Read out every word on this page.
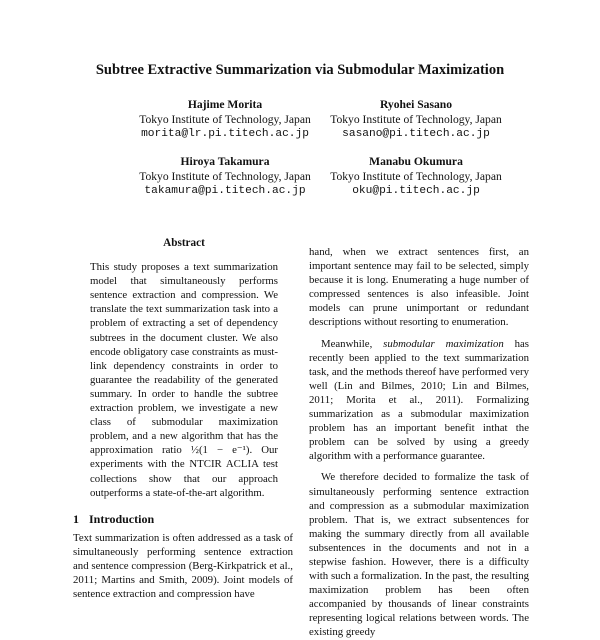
Subtree Extractive Summarization via Submodular Maximization
Hajime Morita
Tokyo Institute of Technology, Japan
morita@lr.pi.titech.ac.jp
Ryohei Sasano
Tokyo Institute of Technology, Japan
sasano@pi.titech.ac.jp
Hiroya Takamura
Tokyo Institute of Technology, Japan
takamura@pi.titech.ac.jp
Manabu Okumura
Tokyo Institute of Technology, Japan
oku@pi.titech.ac.jp
Abstract

This study proposes a text summarization model that simultaneously performs sentence extraction and compression. We translate the text summarization task into a problem of extracting a set of dependency subtrees in the document cluster. We also encode obligatory case constraints as must-link dependency constraints in order to guarantee the readability of the generated summary. In order to handle the subtree extraction problem, we investigate a new class of submodular maximization problem, and a new algorithm that has the approximation ratio ½(1 − e⁻¹). Our experiments with the NTCIR ACLIA test collections show that our approach outperforms a state-of-the-art algorithm.

1 Introduction

Text summarization is often addressed as a task of simultaneously performing sentence extraction and sentence compression (Berg-Kirkpatrick et al., 2011; Martins and Smith, 2009). Joint models of sentence extraction and compression have

hand, when we extract sentences first, an important sentence may fail to be selected, simply because it is long. Enumerating a huge number of compressed sentences is also infeasible. Joint models can prune unimportant or redundant descriptions without resorting to enumeration.

Meanwhile, submodular maximization has recently been applied to the text summarization task, and the methods thereof have performed very well (Lin and Bilmes, 2010; Lin and Bilmes, 2011; Morita et al., 2011). Formalizing summarization as a submodular maximization problem has an important benefit inthat the problem can be solved by using a greedy algorithm with a performance guarantee.

We therefore decided to formalize the task of simultaneously performing sentence extraction and compression as a submodular maximization problem. That is, we extract subsentences for making the summary directly from all available subsentences in the documents and not in a stepwise fashion. However, there is a difficulty with such a formalization. In the past, the resulting maximization problem has been often accompanied by thousands of linear constraints representing logical relations between words. The existing greedy
